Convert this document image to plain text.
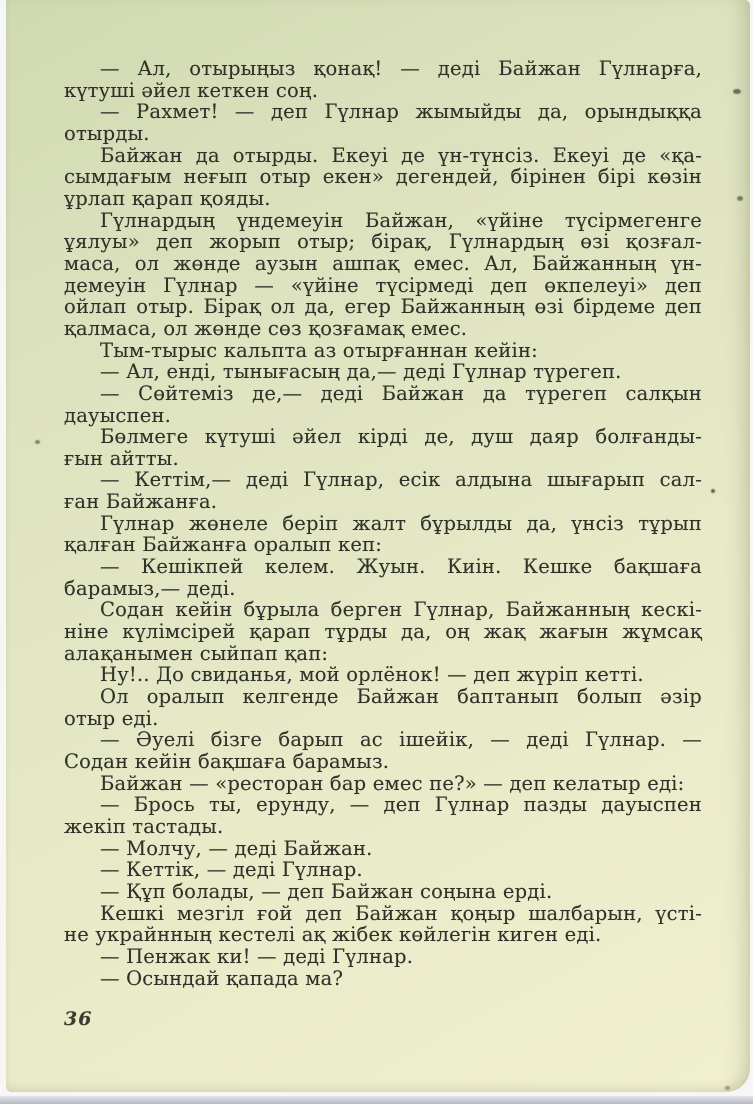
— Ал, отырыңыз қонақ! — деді Байжан Гүлнарға,
күтуші әйел кеткен соң.
— Рахмет! — деп Гүлнар жымыйды да, орындыққа
отырды.
Байжан да отырды. Екеуі де үн-түнсіз. Екеуі де «қа-
сымдағым неғып отыр екен» дегендей, бірінен бірі көзін
ұрлап қарап қояды.
Гүлнардың үндемеуін Байжан, «үйіне түсірмегенге
ұялуы» деп жорып отыр; бірақ, Гүлнардың өзі қозғал-
маса, ол жөнде аузын ашпақ емес. Ал, Байжанның үн-
демеуін Гүлнар — «үйіне түсірмеді деп өкпелеуі» деп
ойлап отыр. Бірақ ол да, егер Байжанның өзі бірдеме деп
қалмаса, ол жөнде сөз қозғамақ емес.
Тым-тырыс кальпта аз отырғаннан кейін:
— Ал, енді, тынығасың да,— деді Гүлнар түрегеп.
— Сөйтеміз де,— деді Байжан да түрегеп салқын
дауыспен.
Бөлмеге күтуші әйел кірді де, душ даяр болғанды-
ғын айтты.
— Кеттім,— деді Гүлнар, есік алдына шығарып сал-
ған Байжанға.
Гүлнар жөнеле беріп жалт бұрылды да, үнсіз тұрып
қалған Байжанға оралып кеп:
— Кешікпей келем. Жуын. Киін. Кешке бақшаға
барамыз,— деді.
Содан кейін бұрыла берген Гүлнар, Байжанның кескі-
ніне күлімсірей қарап тұрды да, оң жақ жағын жұмсақ
алақанымен сыйпап қап:
Ну!.. До свиданья, мой орлёнок! — деп жүріп кетті.
Ол оралып келгенде Байжан баптанып болып әзір
отыр еді.
— Әуелі бізге барып ас ішейік, — деді Гүлнар. —
Содан кейін бақшаға барамыз.
Байжан — «ресторан бар емес пе?» — деп келатыр еді:
— Брось ты, ерунду, — деп Гүлнар пазды дауыспен
жекіп тастады.
— Молчу, — деді Байжан.
— Кеттік, — деді Гүлнар.
— Құп болады, — деп Байжан соңына ерді.
Кешкі мезгіл ғой деп Байжан қоңыр шалбарын, үсті-
не украйнның кестелі ақ жібек көйлегін киген еді.
— Пенжак ки! — деді Гүлнар.
— Осындай қапада ма?
36
